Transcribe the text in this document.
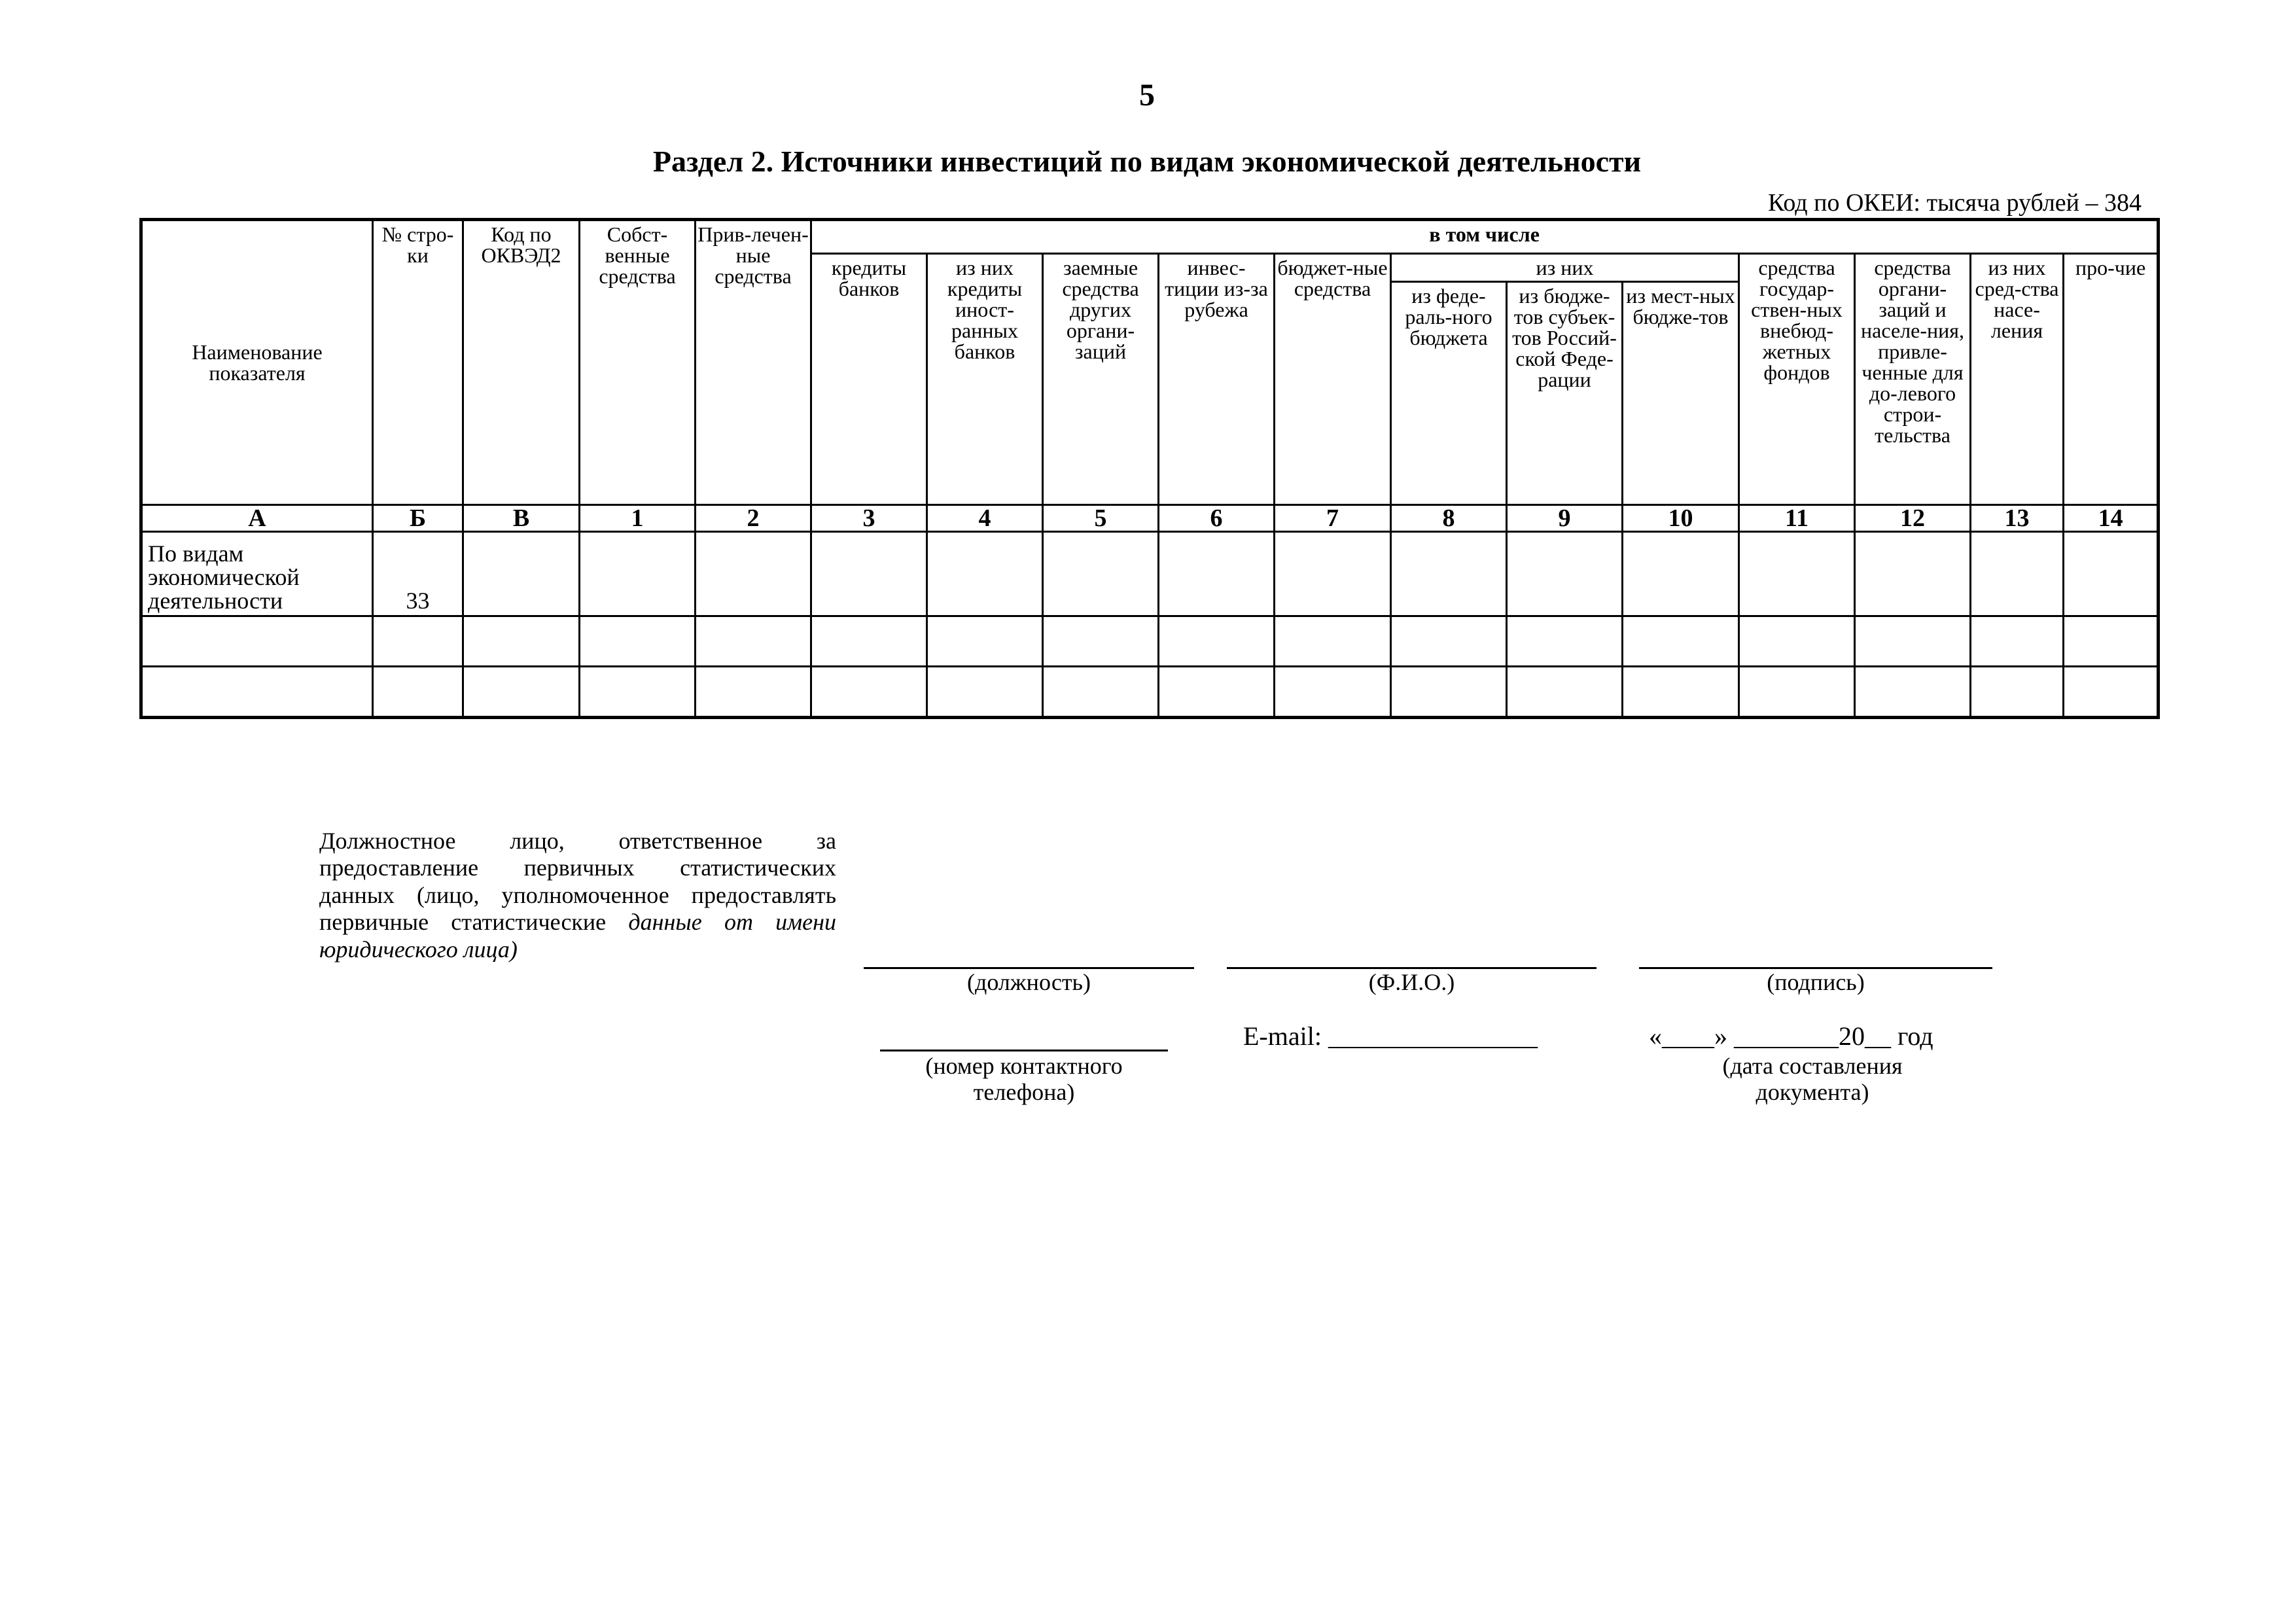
5
Раздел 2. Источники инвестиций по видам экономической деятельности
Код по ОКЕИ: тысяча рублей – 384
Наименование показателя	№ стро-ки	Код по ОКВЭД2	Собст-венные средства	Прив-лечен-ные средства	в том числе											
					кредиты банков	из них кредиты иност-ранных банков	заемные средства других органи-заций	инвес-тиции из-за рубежа	бюджет-ные средства	из них			средства государ-ствен-ных внебюд-жетных фондов	средства органи-заций и населе-ния, привле-ченные для до-левого строи-тельства	из них сред-ства насе-ления	про-чие
										из феде-раль-ного бюджета	из бюдже-тов субъек-тов Россий-ской Феде-рации	из мест-ных бюдже-тов				
А	Б	В	1	2	3	4	5	6	7	8	9	10	11	12	13	14
По видам экономической деятельности	33															

Должностное лицо, ответственное за предоставление первичных статистических данных (лицо, уполномоченное предоставлять первичные статистические данные от имени юридического лица)
(должность)	(Ф.И.О.)	(подпись)
(номер контактного телефона)
E-mail: ________________	«____» ________20__ год
(дата составления документа)
